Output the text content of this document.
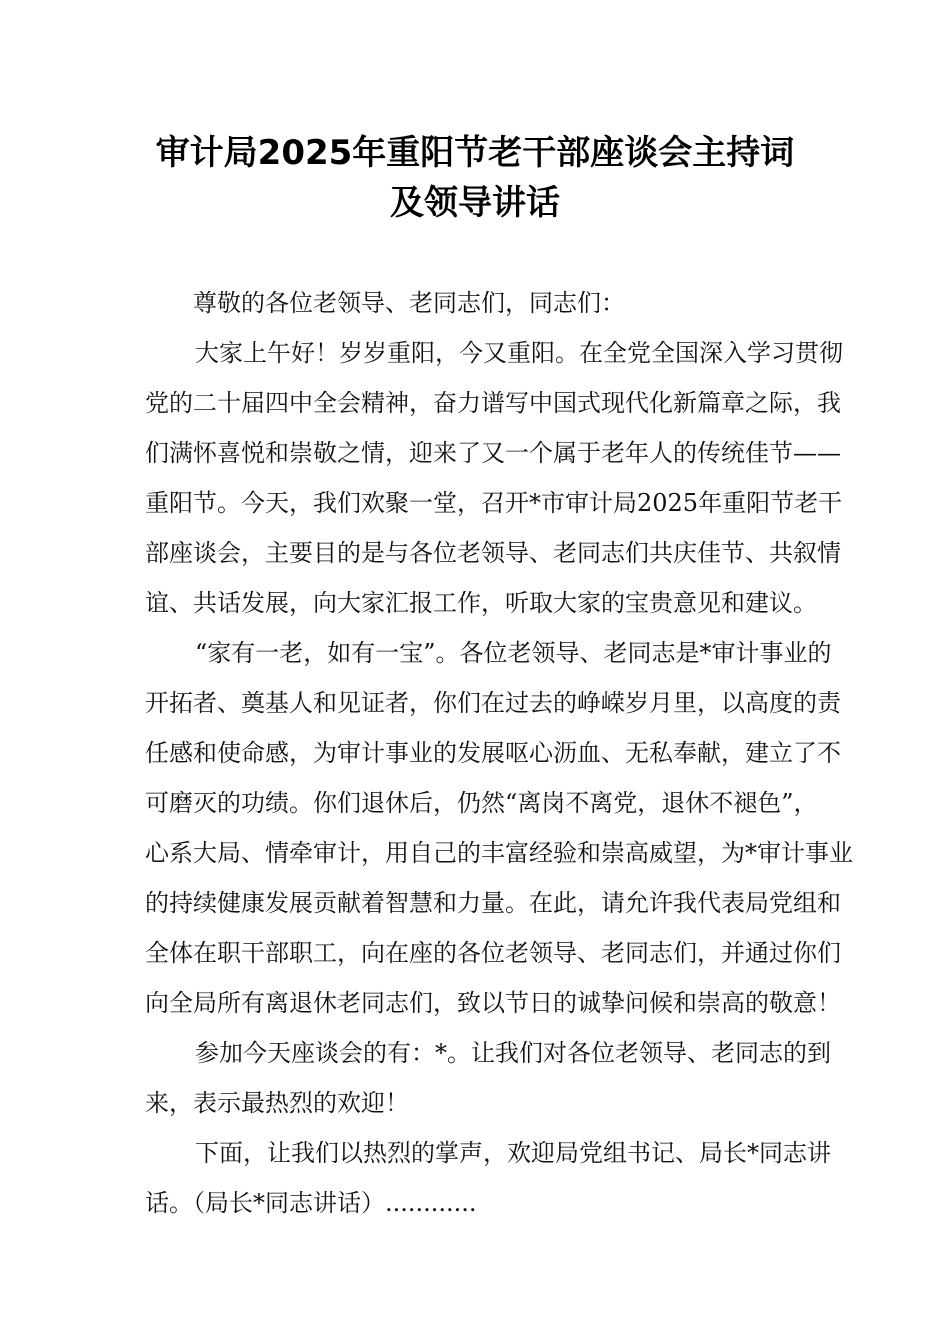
审计局2025年重阳节老干部座谈会主持词
及领导讲话
尊敬的各位老领导、老同志们，同志们：
大家上午好！岁岁重阳，今又重阳。在全党全国深入学习贯彻
党的二十届四中全会精神，奋力谱写中国式现代化新篇章之际，我
们满怀喜悦和崇敬之情，迎来了又一个属于老年人的传统佳节——
重阳节。今天，我们欢聚一堂，召开*市审计局2025年重阳节老干
部座谈会，主要目的是与各位老领导、老同志们共庆佳节、共叙情
谊、共话发展，向大家汇报工作，听取大家的宝贵意见和建议。
“家有一老，如有一宝”。各位老领导、老同志是*审计事业的
开拓者、奠基人和见证者，你们在过去的峥嵘岁月里，以高度的责
任感和使命感，为审计事业的发展呕心沥血、无私奉献，建立了不
可磨灭的功绩。你们退休后，仍然“离岗不离党，退休不褪色”，
心系大局、情牵审计，用自己的丰富经验和崇高威望，为*审计事业
的持续健康发展贡献着智慧和力量。在此，请允许我代表局党组和
全体在职干部职工，向在座的各位老领导、老同志们，并通过你们
向全局所有离退休老同志们，致以节日的诚挚问候和崇高的敬意！
参加今天座谈会的有：*。让我们对各位老领导、老同志的到
来，表示最热烈的欢迎！
下面，让我们以热烈的掌声，欢迎局党组书记、局长*同志讲
话。（局长*同志讲话）............
